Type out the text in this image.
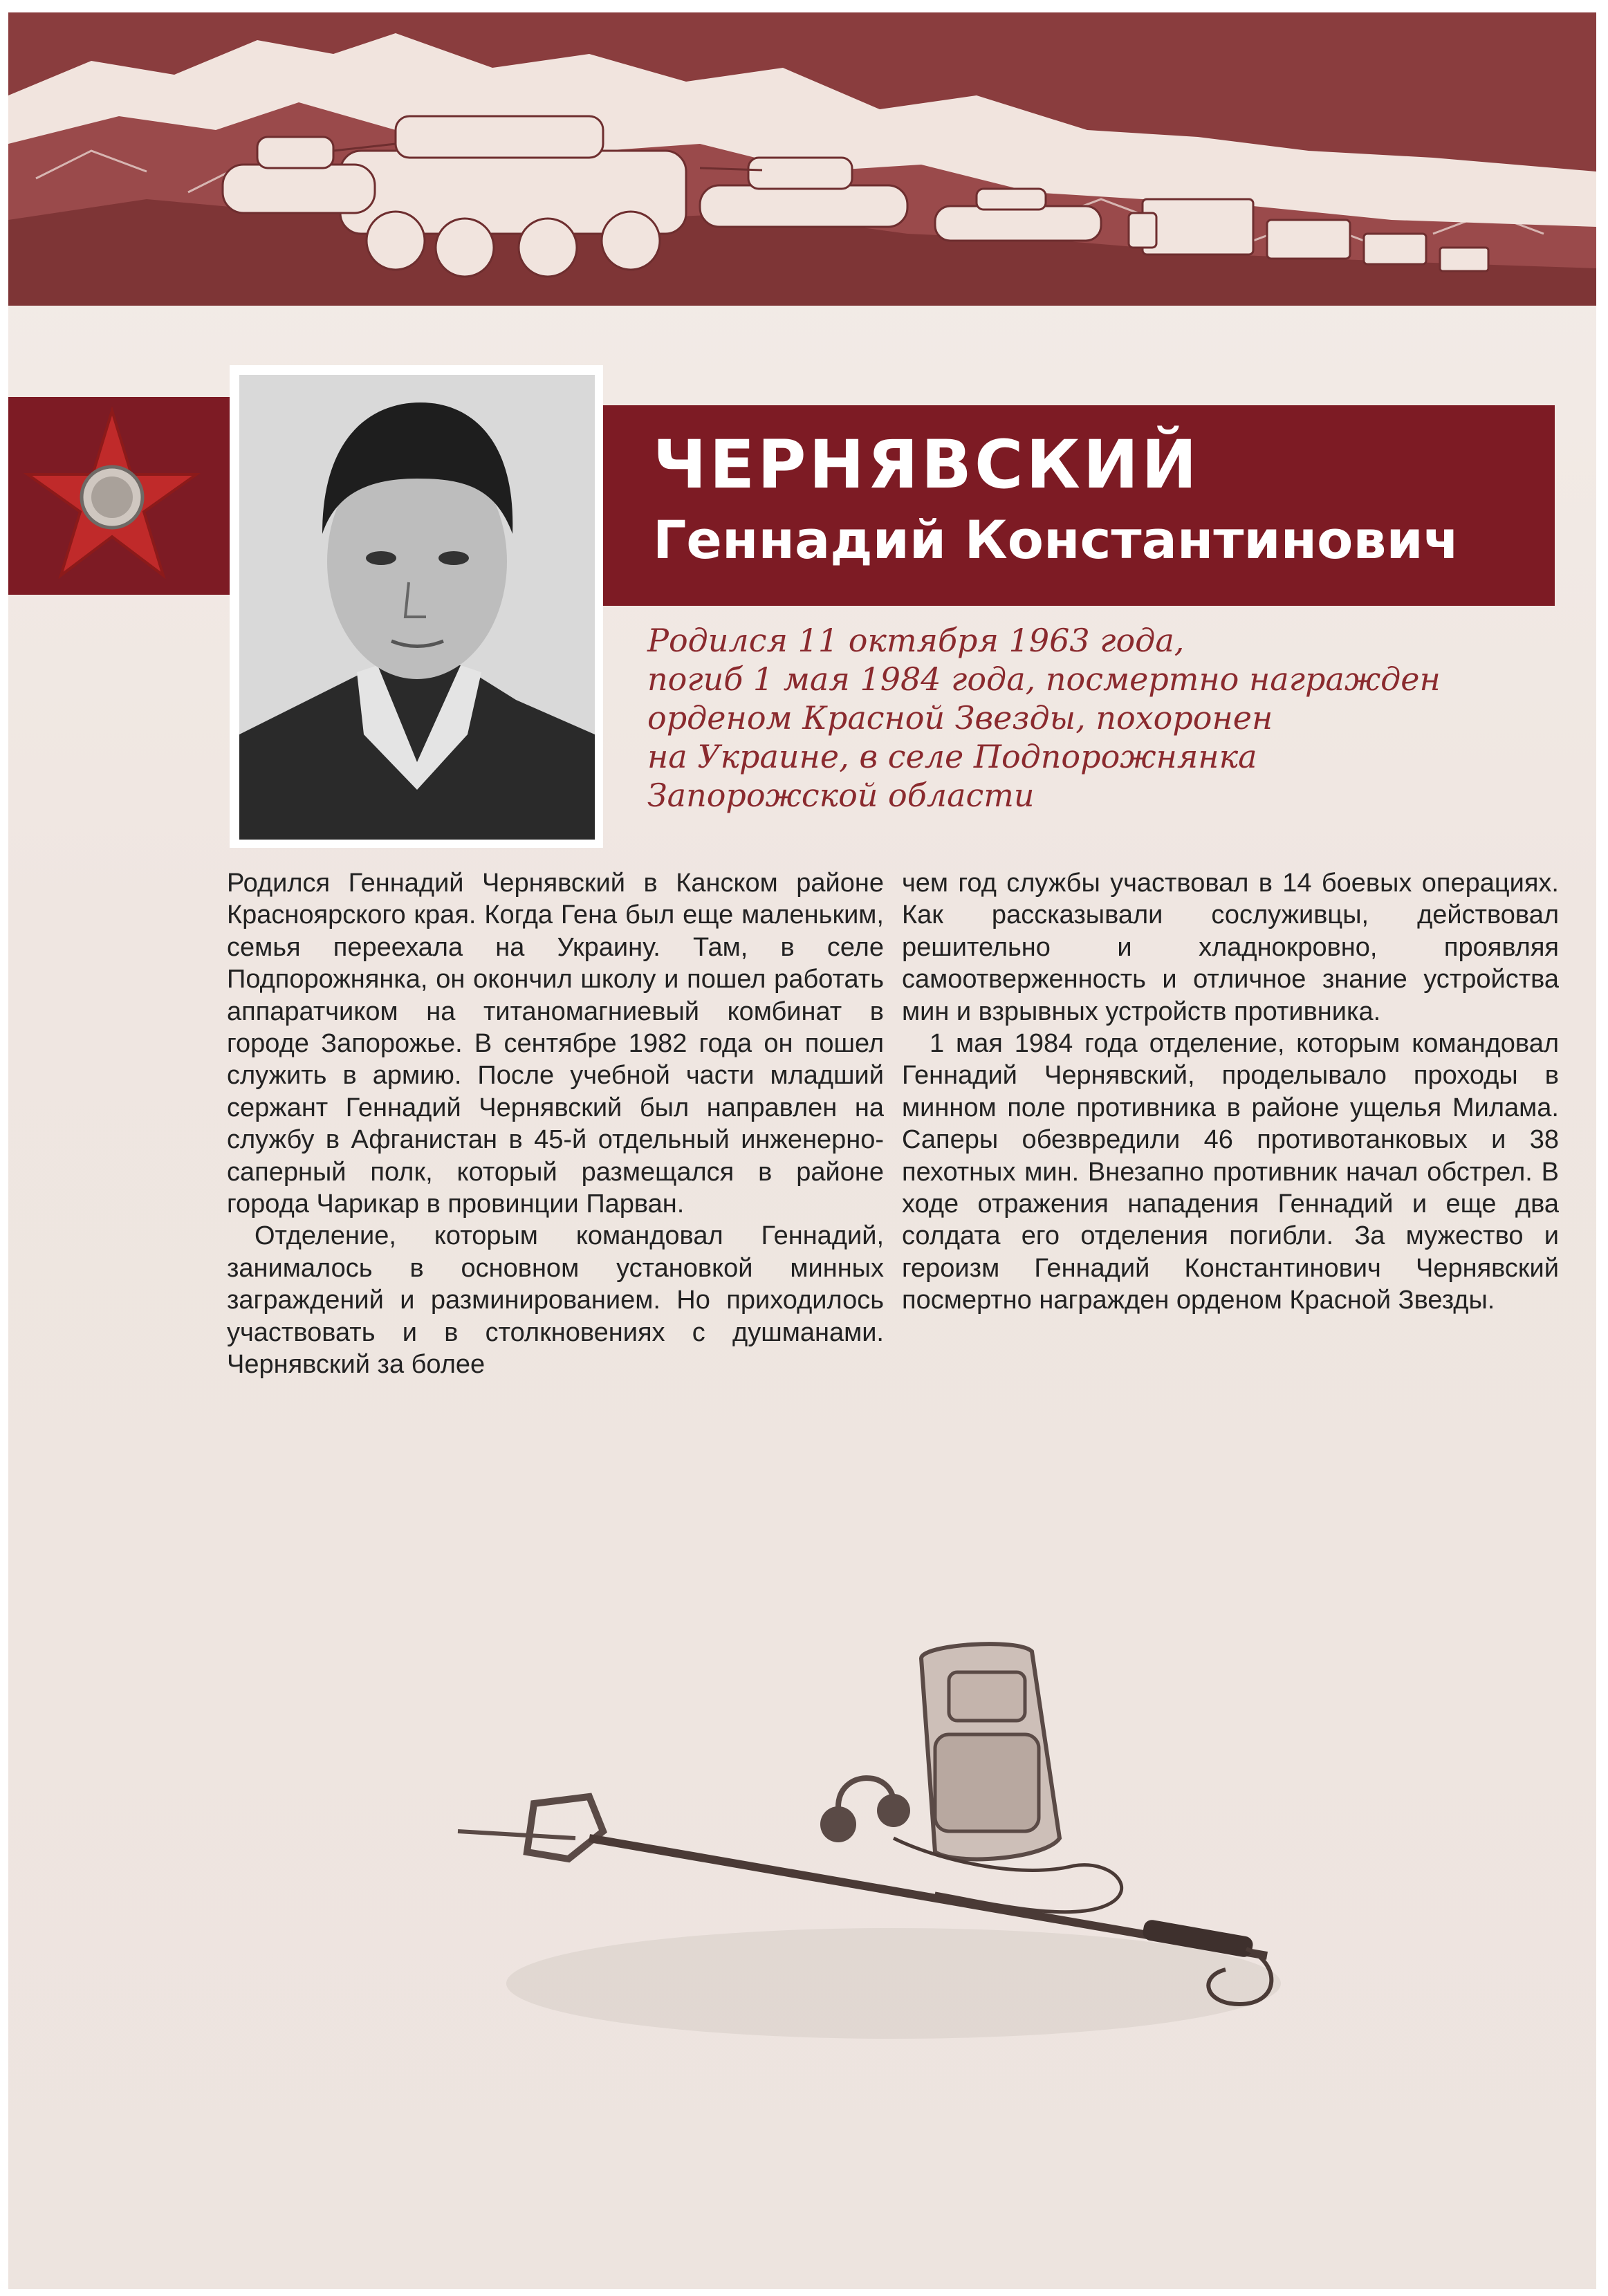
ЧЕРНЯВСКИЙ
Геннадий Константинович
Родился 11 октября 1963 года,
погиб 1 мая 1984 года, посмертно награжден
орденом Красной Звезды, похоронен
на Украине, в селе Подпорожнянка
Запорожской области

Родился Геннадий Чернявский в Канском районе Красноярского края. Когда Гена был еще маленьким, семья переехала на Украину. Там, в селе Подпорожнянка, он окончил школу и пошел работать аппаратчиком на титаномагниевый комбинат в городе Запорожье. В сентябре 1982 года он пошел служить в армию. После учебной части младший сержант Геннадий Чернявский был направлен на службу в Афганистан в 45-й отдельный инженерно-саперный полк, который размещался в районе города Чарикар в провинции Парван.

Отделение, которым командовал Геннадий, занималось в основном установкой минных заграждений и разминированием. Но приходилось участвовать и в столкновениях с душманами. Чернявский за более

чем год службы участвовал в 14 боевых операциях. Как рассказывали сослуживцы, действовал решительно и хладнокровно, проявляя самоотверженность и отличное знание устройства мин и взрывных устройств противника.

1 мая 1984 года отделение, которым командовал Геннадий Чернявский, проделывало проходы в минном поле противника в районе ущелья Милама. Саперы обезвредили 46 противотанковых и 38 пехотных мин. Внезапно противник начал обстрел. В ходе отражения нападения Геннадий и еще два солдата его отделения погибли. За мужество и героизм Геннадий Константинович Чернявский посмертно награжден орденом Красной Звезды.
